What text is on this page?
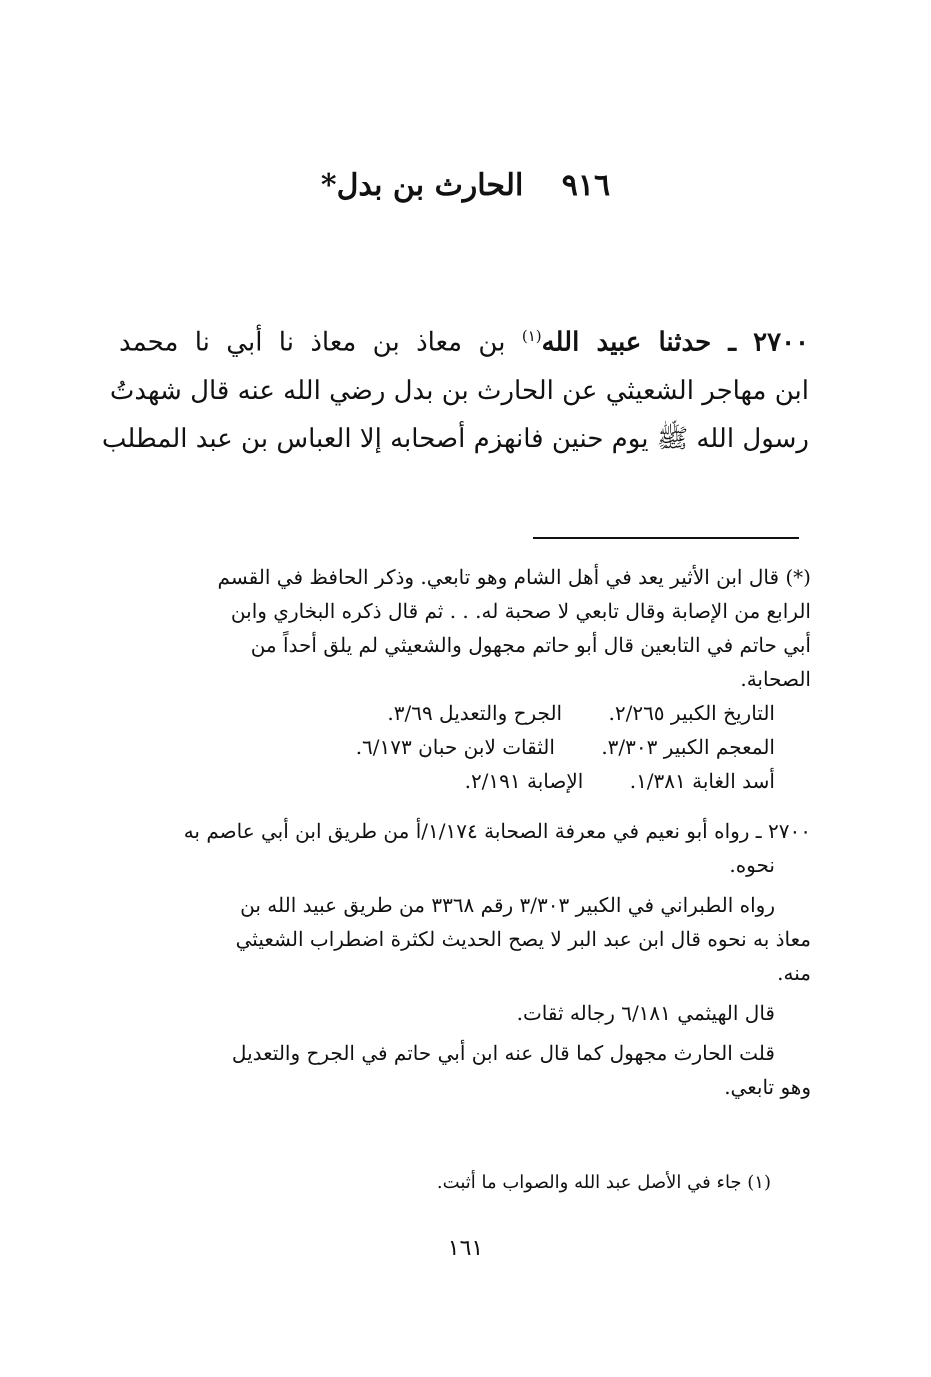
٩١٦ الحارث بن بدل*
٢٧٠٠ ـ حدثنا عبيد الله$^{(١)}$ بن معاذ بن معاذ نا أبي نا محمد
ابن مهاجر الشعيثي عن الحارث بن بدل رضي الله عنه قال شهدتُ
رسول الله ﷺ يوم حنين فانهزم أصحابه إلا العباس بن عبد المطلب

(*) قال ابن الأثير يعد في أهل الشام وهو تابعي. وذكر الحافظ في القسم

الرابع من الإصابة وقال تابعي لا صحبة له. . . ثم قال ذكره البخاري وابن

أبي حاتم في التابعين قال أبو حاتم مجهول والشعيثي لم يلق أحداً من

الصحابة.

التاريخ الكبير ٢/٢٦٥. الجرح والتعديل ٣/٦٩.

المعجم الكبير ٣/٣٠٣. الثقات لابن حبان ٦/١٧٣.

أسد الغابة ١/٣٨١. الإصابة ٢/١٩١.

٢٧٠٠ ـ رواه أبو نعيم في معرفة الصحابة ١/١٧٤/أ من طريق ابن أبي عاصم به

نحوه.

رواه الطبراني في الكبير ٣/٣٠٣ رقم ٣٣٦٨ من طريق عبيد الله بن

معاذ به نحوه قال ابن عبد البر لا يصح الحديث لكثرة اضطراب الشعيثي

منه.

قال الهيثمي ٦/١٨١ رجاله ثقات.

قلت الحارث مجهول كما قال عنه ابن أبي حاتم في الجرح والتعديل

وهو تابعي.

(١) جاء في الأصل عبد الله والصواب ما أثبت.
١٦١
